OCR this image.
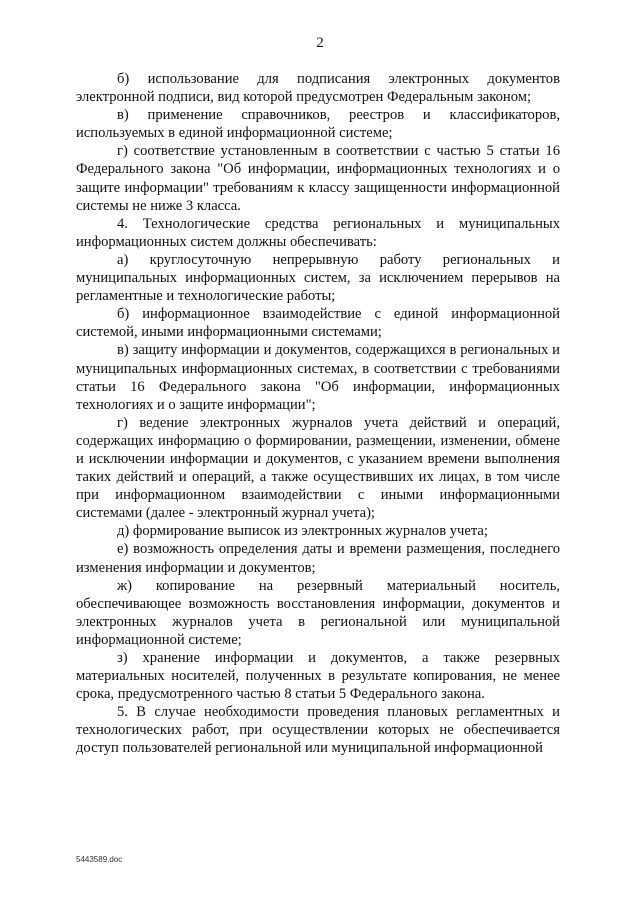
2

б) использование для подписания электронных документов электронной подписи, вид которой предусмотрен Федеральным законом;

в) применение справочников, реестров и классификаторов, используемых в единой информационной системе;

г) соответствие установленным в соответствии с частью 5 статьи 16 Федерального закона "Об информации, информационных технологиях и о защите информации" требованиям к классу защищенности информационной системы не ниже 3 класса.

4. Технологические средства региональных и муниципальных информационных систем должны обеспечивать:

а) круглосуточную непрерывную работу региональных и муниципальных информационных систем, за исключением перерывов на регламентные и технологические работы;

б) информационное взаимодействие с единой информационной системой, иными информационными системами;

в) защиту информации и документов, содержащихся в региональных и муниципальных информационных системах, в соответствии с требованиями статьи 16 Федерального закона "Об информации, информационных технологиях и о защите информации";

г) ведение электронных журналов учета действий и операций, содержащих информацию о формировании, размещении, изменении, обмене и исключении информации и документов, с указанием времени выполнения таких действий и операций, а также осуществивших их лицах, в том числе при информационном взаимодействии с иными информационными системами (далее - электронный журнал учета);

д) формирование выписок из электронных журналов учета;

е) возможность определения даты и времени размещения, последнего изменения информации и документов;

ж) копирование на резервный материальный носитель, обеспечивающее возможность восстановления информации, документов и электронных журналов учета в региональной или муниципальной информационной системе;

з) хранение информации и документов, а также резервных материальных носителей, полученных в результате копирования, не менее срока, предусмотренного частью 8 статьи 5 Федерального закона.

5. В случае необходимости проведения плановых регламентных и технологических работ, при осуществлении которых не обеспечивается доступ пользователей региональной или муниципальной информационной

5443589.doc
